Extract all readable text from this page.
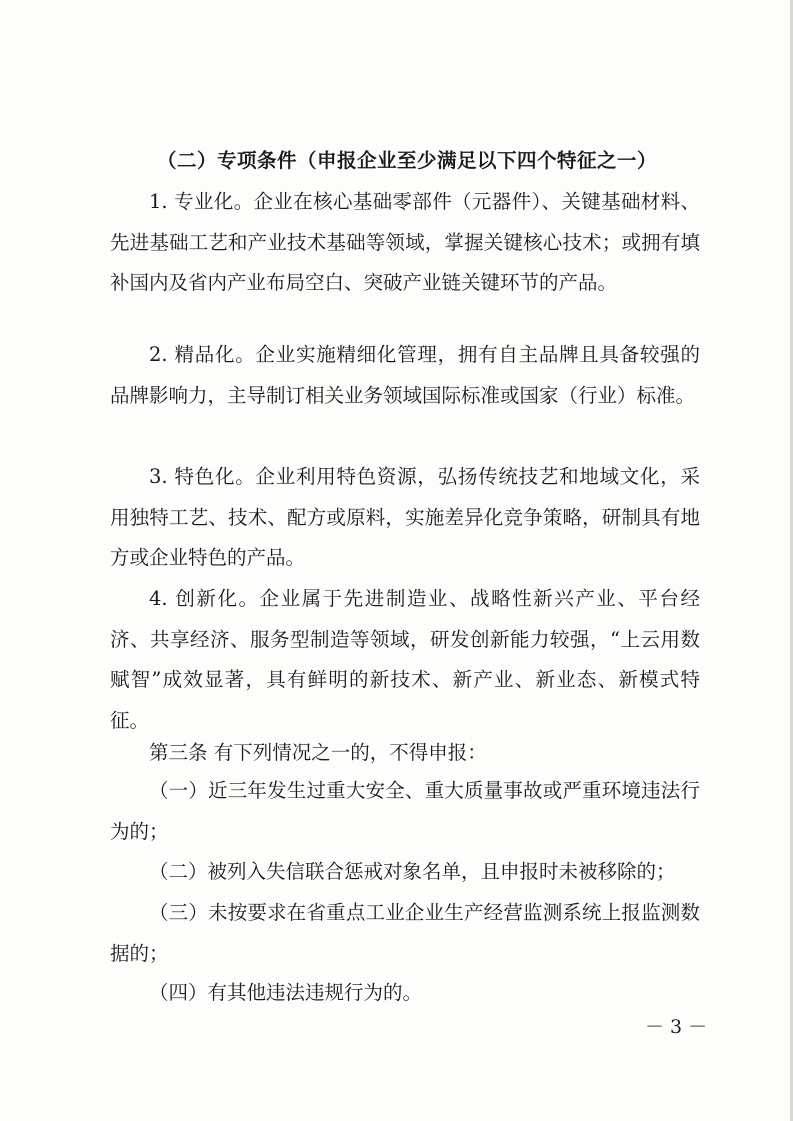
（二）专项条件（申报企业至少满足以下四个特征之一）

1. 专业化。企业在核心基础零部件（元器件）、关键基础材料、先进基础工艺和产业技术基础等领域，掌握关键核心技术；或拥有填补国内及省内产业布局空白、突破产业链关键环节的产品。

2. 精品化。企业实施精细化管理，拥有自主品牌且具备较强的品牌影响力，主导制订相关业务领域国际标准或国家（行业）标准。

3. 特色化。企业利用特色资源，弘扬传统技艺和地域文化，采用独特工艺、技术、配方或原料，实施差异化竞争策略，研制具有地方或企业特色的产品。

4. 创新化。企业属于先进制造业、战略性新兴产业、平台经济、共享经济、服务型制造等领域，研发创新能力较强，“上云用数赋智”成效显著，具有鲜明的新技术、新产业、新业态、新模式特征。

第三条 有下列情况之一的，不得申报：

（一）近三年发生过重大安全、重大质量事故或严重环境违法行为的；

（二）被列入失信联合惩戒对象名单，且申报时未被移除的；

（三）未按要求在省重点工业企业生产经营监测系统上报监测数据的；

（四）有其他违法违规行为的。

－ 3 －
